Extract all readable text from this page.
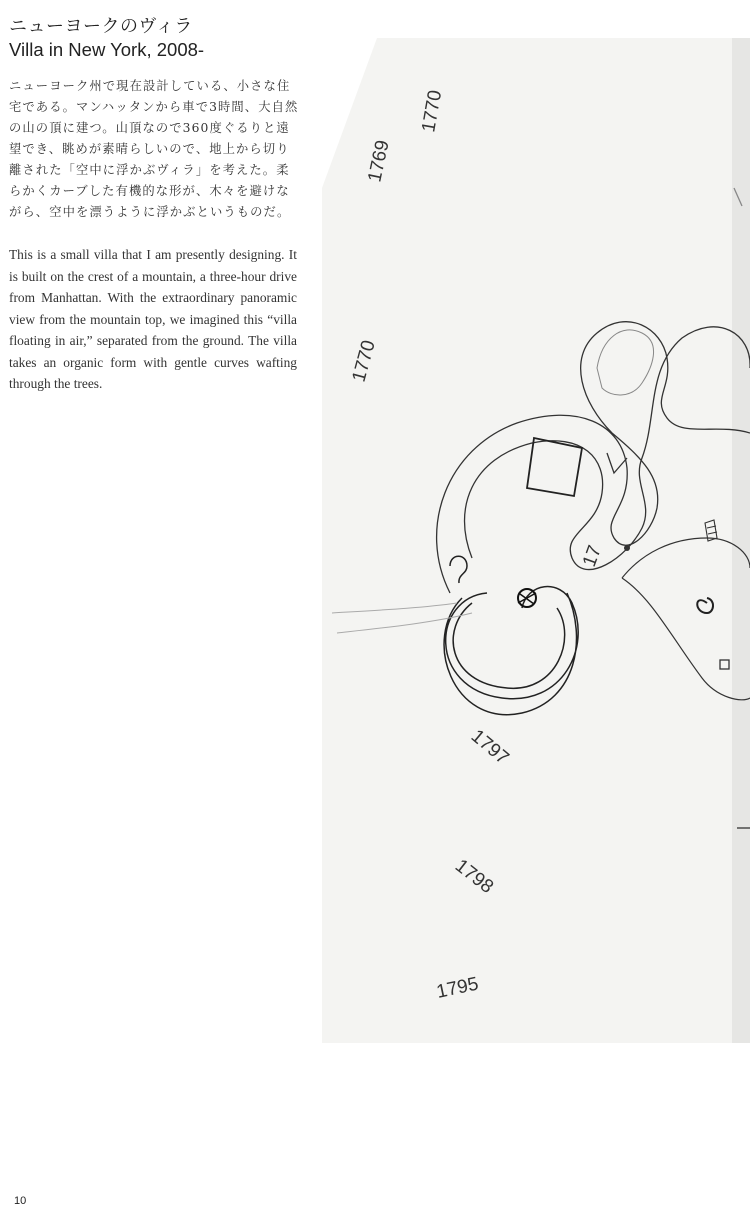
ニューヨークのヴィラ
Villa in New York, 2008-
ニューヨーク州で現在設計している、小さな住宅である。マンハッタンから車で3時間、大自然の山の頂に建つ。山頂なので360度ぐるりと遠望でき、眺めが素晴らしいので、地上から切り離された「空中に浮かぶヴィラ」を考えた。柔らかくカーブした有機的な形が、木々を避けながら、空中を漂うように浮かぶというものだ。
This is a small villa that I am presently designing. It is built on the crest of a mountain, a three-hour drive from Manhattan. With the extraordinary panoramic view from the mountain top, we imagined this “villa floating in air,” separated from the ground. The villa takes an organic form with gentle curves wafting through the trees.
1770
1769
1770
1797
1798
1795
17
10
